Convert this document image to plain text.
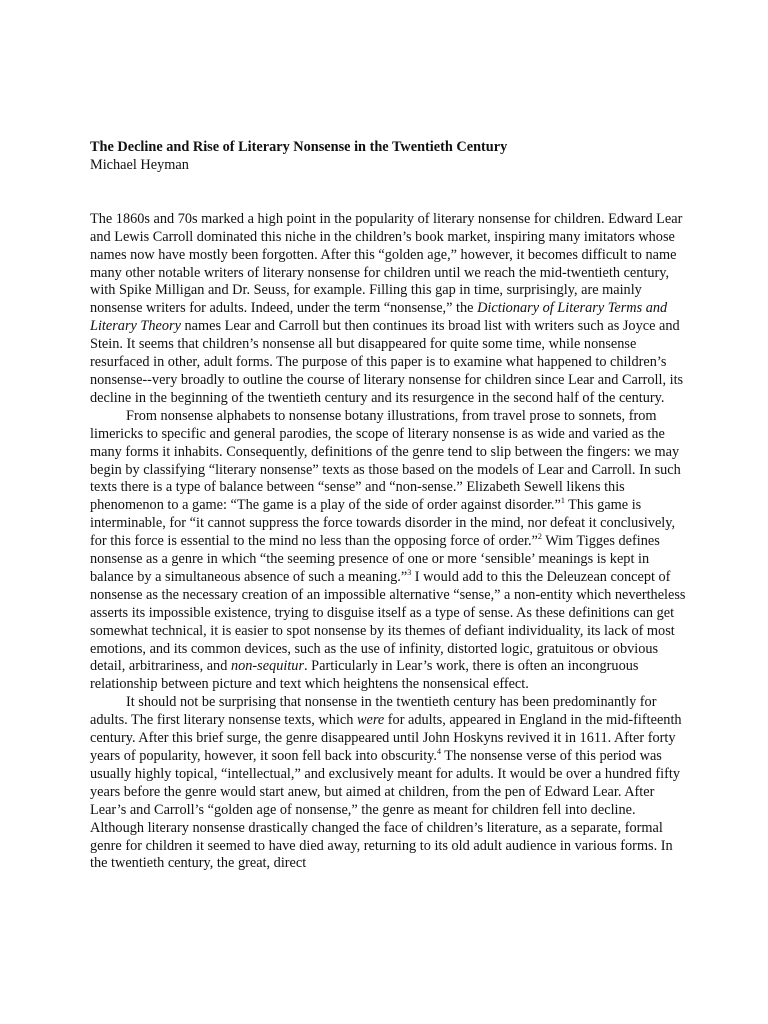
The Decline and Rise of Literary Nonsense in the Twentieth Century

Michael Heyman

The 1860s and 70s marked a high point in the popularity of literary nonsense for children. Edward Lear and Lewis Carroll dominated this niche in the children’s book market, inspiring many imitators whose names now have mostly been forgotten. After this “golden age,” however, it becomes difficult to name many other notable writers of literary nonsense for children until we reach the mid-twentieth century, with Spike Milligan and Dr. Seuss, for example. Filling this gap in time, surprisingly, are mainly nonsense writers for adults. Indeed, under the term “nonsense,” the Dictionary of Literary Terms and Literary Theory names Lear and Carroll but then continues its broad list with writers such as Joyce and Stein. It seems that children’s nonsense all but disappeared for quite some time, while nonsense resurfaced in other, adult forms. The purpose of this paper is to examine what happened to children’s nonsense--very broadly to outline the course of literary nonsense for children since Lear and Carroll, its decline in the beginning of the twentieth century and its resurgence in the second half of the century.

From nonsense alphabets to nonsense botany illustrations, from travel prose to sonnets, from limericks to specific and general parodies, the scope of literary nonsense is as wide and varied as the many forms it inhabits. Consequently, definitions of the genre tend to slip between the fingers: we may begin by classifying “literary nonsense” texts as those based on the models of Lear and Carroll. In such texts there is a type of balance between “sense” and “non-sense.” Elizabeth Sewell likens this phenomenon to a game: “The game is a play of the side of order against disorder.”$^1$ This game is interminable, for “it cannot suppress the force towards disorder in the mind, nor defeat it conclusively, for this force is essential to the mind no less than the opposing force of order.”$^2$ Wim Tigges defines nonsense as a genre in which “the seeming presence of one or more ‘sensible’ meanings is kept in balance by a simultaneous absence of such a meaning.”$^3$ I would add to this the Deleuzean concept of nonsense as the necessary creation of an impossible alternative “sense,” a non-entity which nevertheless asserts its impossible existence, trying to disguise itself as a type of sense. As these definitions can get somewhat technical, it is easier to spot nonsense by its themes of defiant individuality, its lack of most emotions, and its common devices, such as the use of infinity, distorted logic, gratuitous or obvious detail, arbitrariness, and non-sequitur. Particularly in Lear’s work, there is often an incongruous relationship between picture and text which heightens the nonsensical effect.

It should not be surprising that nonsense in the twentieth century has been predominantly for adults. The first literary nonsense texts, which were for adults, appeared in England in the mid-fifteenth century. After this brief surge, the genre disappeared until John Hoskyns revived it in 1611. After forty years of popularity, however, it soon fell back into obscurity.$^4$ The nonsense verse of this period was usually highly topical, “intellectual,” and exclusively meant for adults. It would be over a hundred fifty years before the genre would start anew, but aimed at children, from the pen of Edward Lear. After Lear’s and Carroll’s “golden age of nonsense,” the genre as meant for children fell into decline. Although literary nonsense drastically changed the face of children’s literature, as a separate, formal genre for children it seemed to have died away, returning to its old adult audience in various forms. In the twentieth century, the great, direct
